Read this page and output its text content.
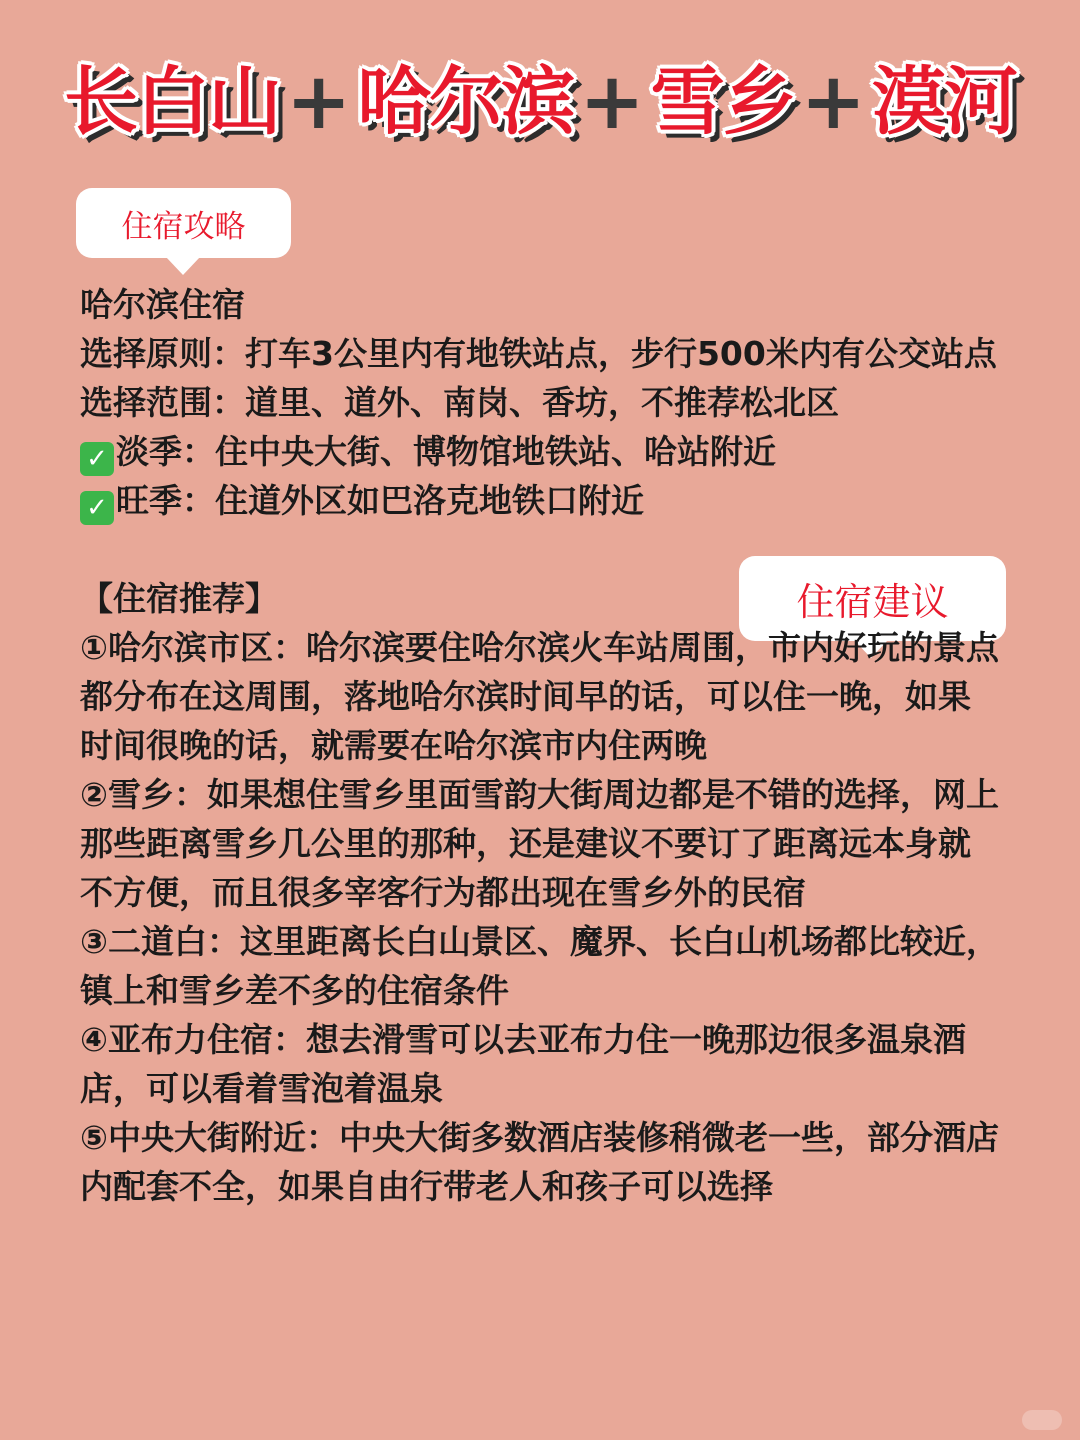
长白山 + 哈尔滨 + 雪乡 + 漠河
住宿攻略
住宿建议

哈尔滨住宿

选择原则：打车3公里内有地铁站点，步行500米内有公交站点

选择范围：道里、道外、南岗、香坊，不推荐松北区

✓ 淡季：住中央大街、博物馆地铁站、哈站附近

✓ 旺季：住道外区如巴洛克地铁口附近

【住宿推荐】

①哈尔滨市区：哈尔滨要住哈尔滨火车站周围，市内好玩的景点都分布在这周围，落地哈尔滨时间早的话，可以住一晚，如果时间很晚的话，就需要在哈尔滨市内住两晚

②雪乡：如果想住雪乡里面雪韵大街周边都是不错的选择，网上那些距离雪乡几公里的那种，还是建议不要订了距离远本身就不方便，而且很多宰客行为都出现在雪乡外的民宿

③二道白：这里距离长白山景区、魔界、长白山机场都比较近，镇上和雪乡差不多的住宿条件

④亚布力住宿：想去滑雪可以去亚布力住一晚那边很多温泉酒店，可以看着雪泡着温泉

⑤中央大街附近：中央大街多数酒店装修稍微老一些，部分酒店内配套不全，如果自由行带老人和孩子可以选择
